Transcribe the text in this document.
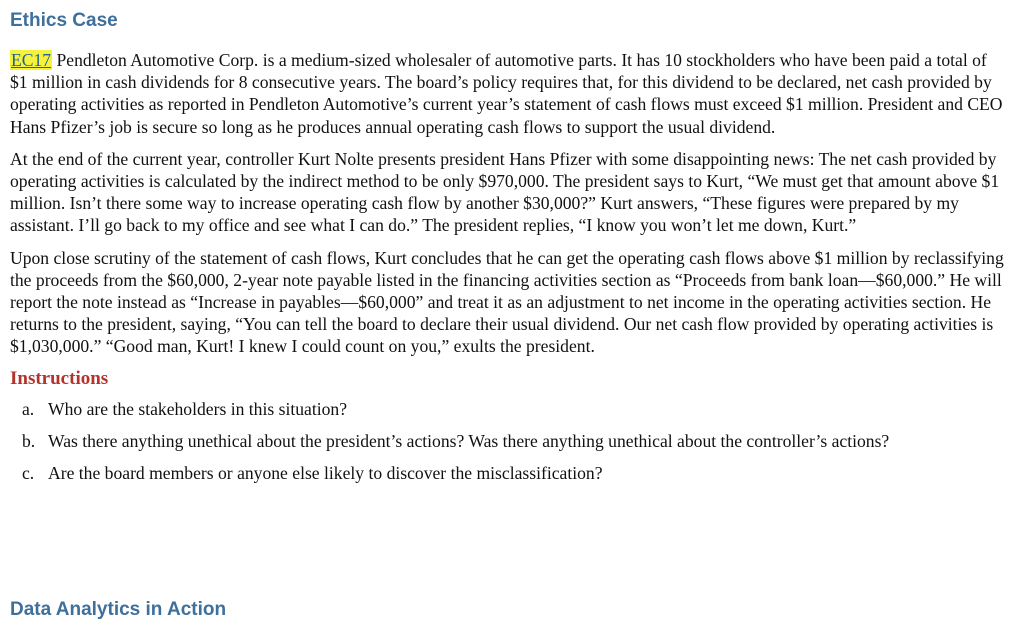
Ethics Case

EC17 Pendleton Automotive Corp. is a medium-sized wholesaler of automotive parts. It has 10 stockholders who have been paid a total of $1 million in cash dividends for 8 consecutive years. The board’s policy requires that, for this dividend to be declared, net cash provided by operating activities as reported in Pendleton Automotive’s current year’s statement of cash flows must exceed $1 million. President and CEO Hans Pfizer’s job is secure so long as he produces annual operating cash flows to support the usual dividend.

At the end of the current year, controller Kurt Nolte presents president Hans Pfizer with some disappointing news: The net cash provided by operating activities is calculated by the indirect method to be only $970,000. The president says to Kurt, “We must get that amount above $1 million. Isn’t there some way to increase operating cash flow by another $30,000?” Kurt answers, “These figures were prepared by my assistant. I’ll go back to my office and see what I can do.” The president replies, “I know you won’t let me down, Kurt.”

Upon close scrutiny of the statement of cash flows, Kurt concludes that he can get the operating cash flows above $1 million by reclassifying the proceeds from the $60,000, 2-year note payable listed in the financing activities section as “Proceeds from bank loan—$60,000.” He will report the note instead as “Increase in payables—$60,000” and treat it as an adjustment to net income in the operating activities section. He returns to the president, saying, “You can tell the board to declare their usual dividend. Our net cash flow provided by operating activities is $1,030,000.” “Good man, Kurt! I knew I could count on you,” exults the president.

Instructions
a. Who are the stakeholders in this situation?
b. Was there anything unethical about the president’s actions? Was there anything unethical about the controller’s actions?
c. Are the board members or anyone else likely to discover the misclassification?
Data Analytics in Action
